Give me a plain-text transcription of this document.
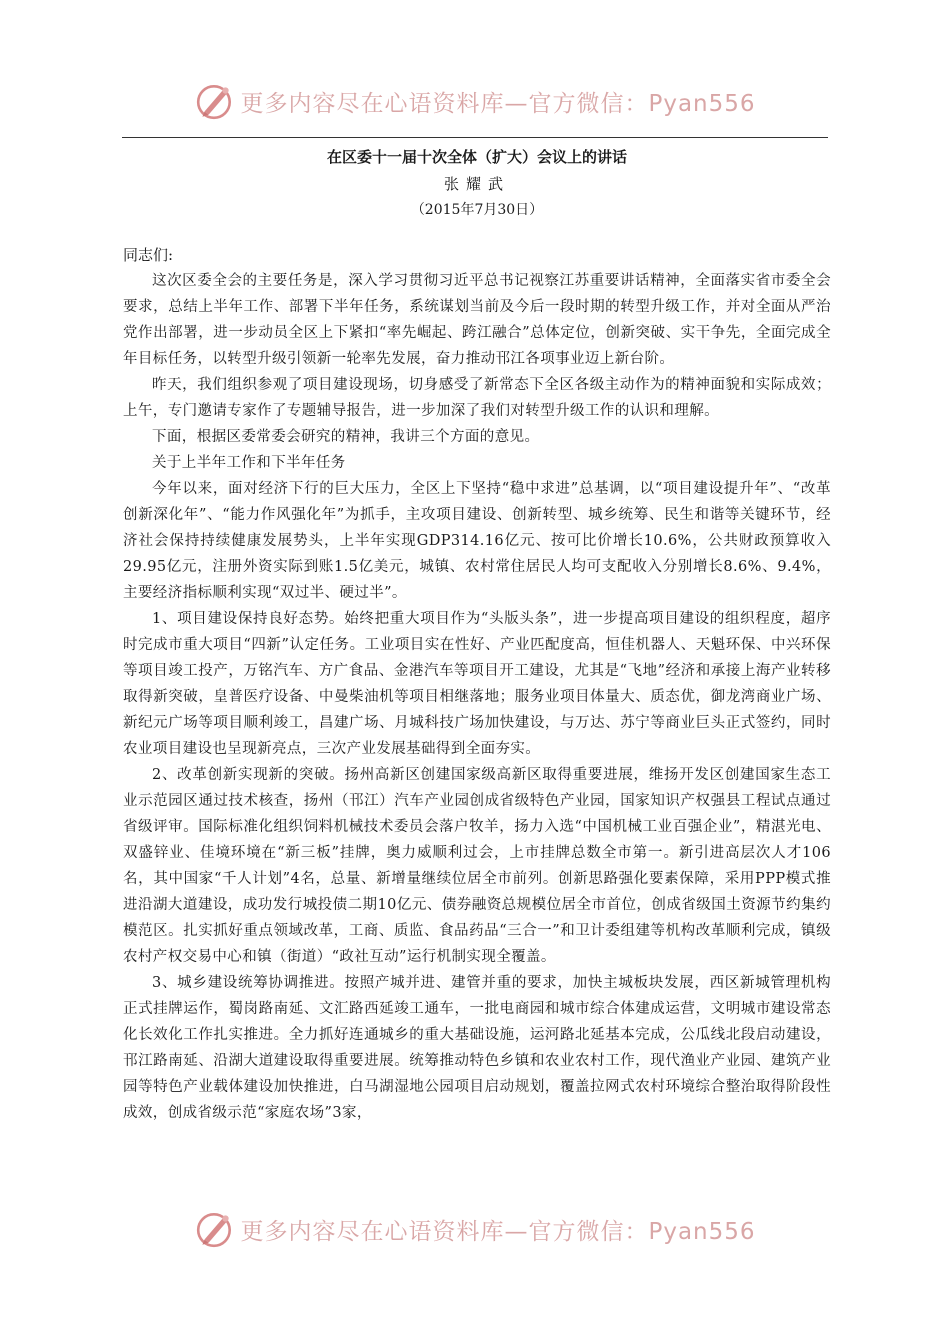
更多内容尽在心语资料库—官方微信：Pyan556
在区委十一届十次全体（扩大）会议上的讲话
张耀武
（2015年7月30日）
同志们:

这次区委全会的主要任务是，深入学习贯彻习近平总书记视察江苏重要讲话精神，全面落实省市委全会要求，总结上半年工作、部署下半年任务，系统谋划当前及今后一段时期的转型升级工作，并对全面从严治党作出部署，进一步动员全区上下紧扣“率先崛起、跨江融合”总体定位，创新突破、实干争先，全面完成全年目标任务，以转型升级引领新一轮率先发展，奋力推动邗江各项事业迈上新台阶。

昨天，我们组织参观了项目建设现场，切身感受了新常态下全区各级主动作为的精神面貌和实际成效；上午，专门邀请专家作了专题辅导报告，进一步加深了我们对转型升级工作的认识和理解。

下面，根据区委常委会研究的精神，我讲三个方面的意见。

关于上半年工作和下半年任务

今年以来，面对经济下行的巨大压力，全区上下坚持“稳中求进”总基调，以“项目建设提升年”、“改革创新深化年”、“能力作风强化年”为抓手，主攻项目建设、创新转型、城乡统筹、民生和谐等关键环节，经济社会保持持续健康发展势头，上半年实现GDP314.16亿元、按可比价增长10.6%，公共财政预算收入29.95亿元，注册外资实际到账1.5亿美元，城镇、农村常住居民人均可支配收入分别增长8.6%、9.4%，主要经济指标顺利实现“双过半、硬过半”。

1、项目建设保持良好态势。始终把重大项目作为“头版头条”，进一步提高项目建设的组织程度，超序时完成市重大项目“四新”认定任务。工业项目实在性好、产业匹配度高，恒佳机器人、天魁环保、中兴环保等项目竣工投产，万铭汽车、方广食品、金港汽车等项目开工建设，尤其是“飞地”经济和承接上海产业转移取得新突破，皇普医疗设备、中曼柴油机等项目相继落地；服务业项目体量大、质态优，御龙湾商业广场、新纪元广场等项目顺利竣工，昌建广场、月城科技广场加快建设，与万达、苏宁等商业巨头正式签约，同时农业项目建设也呈现新亮点，三次产业发展基础得到全面夯实。

2、改革创新实现新的突破。扬州高新区创建国家级高新区取得重要进展，维扬开发区创建国家生态工业示范园区通过技术核查，扬州（邗江）汽车产业园创成省级特色产业园，国家知识产权强县工程试点通过省级评审。国际标准化组织饲料机械技术委员会落户牧羊，扬力入选“中国机械工业百强企业”，精湛光电、双盛锌业、佳境环境在“新三板”挂牌，奥力威顺利过会，上市挂牌总数全市第一。新引进高层次人才106名，其中国家“千人计划”4名，总量、新增量继续位居全市前列。创新思路强化要素保障，采用PPP模式推进沿湖大道建设，成功发行城投债二期10亿元、债券融资总规模位居全市首位，创成省级国土资源节约集约模范区。扎实抓好重点领域改革，工商、质监、食品药品“三合一”和卫计委组建等机构改革顺利完成，镇级农村产权交易中心和镇（街道）“政社互动”运行机制实现全覆盖。

3、城乡建设统筹协调推进。按照产城并进、建管并重的要求，加快主城板块发展，西区新城管理机构正式挂牌运作，蜀岗路南延、文汇路西延竣工通车，一批电商园和城市综合体建成运营，文明城市建设常态化长效化工作扎实推进。全力抓好连通城乡的重大基础设施，运河路北延基本完成，公瓜线北段启动建设，邗江路南延、沿湖大道建设取得重要进展。统筹推动特色乡镇和农业农村工作，现代渔业产业园、建筑产业园等特色产业载体建设加快推进，白马湖湿地公园项目启动规划，覆盖拉网式农村环境综合整治取得阶段性成效，创成省级示范“家庭农场”3家，

更多内容尽在心语资料库—官方微信：Pyan556
